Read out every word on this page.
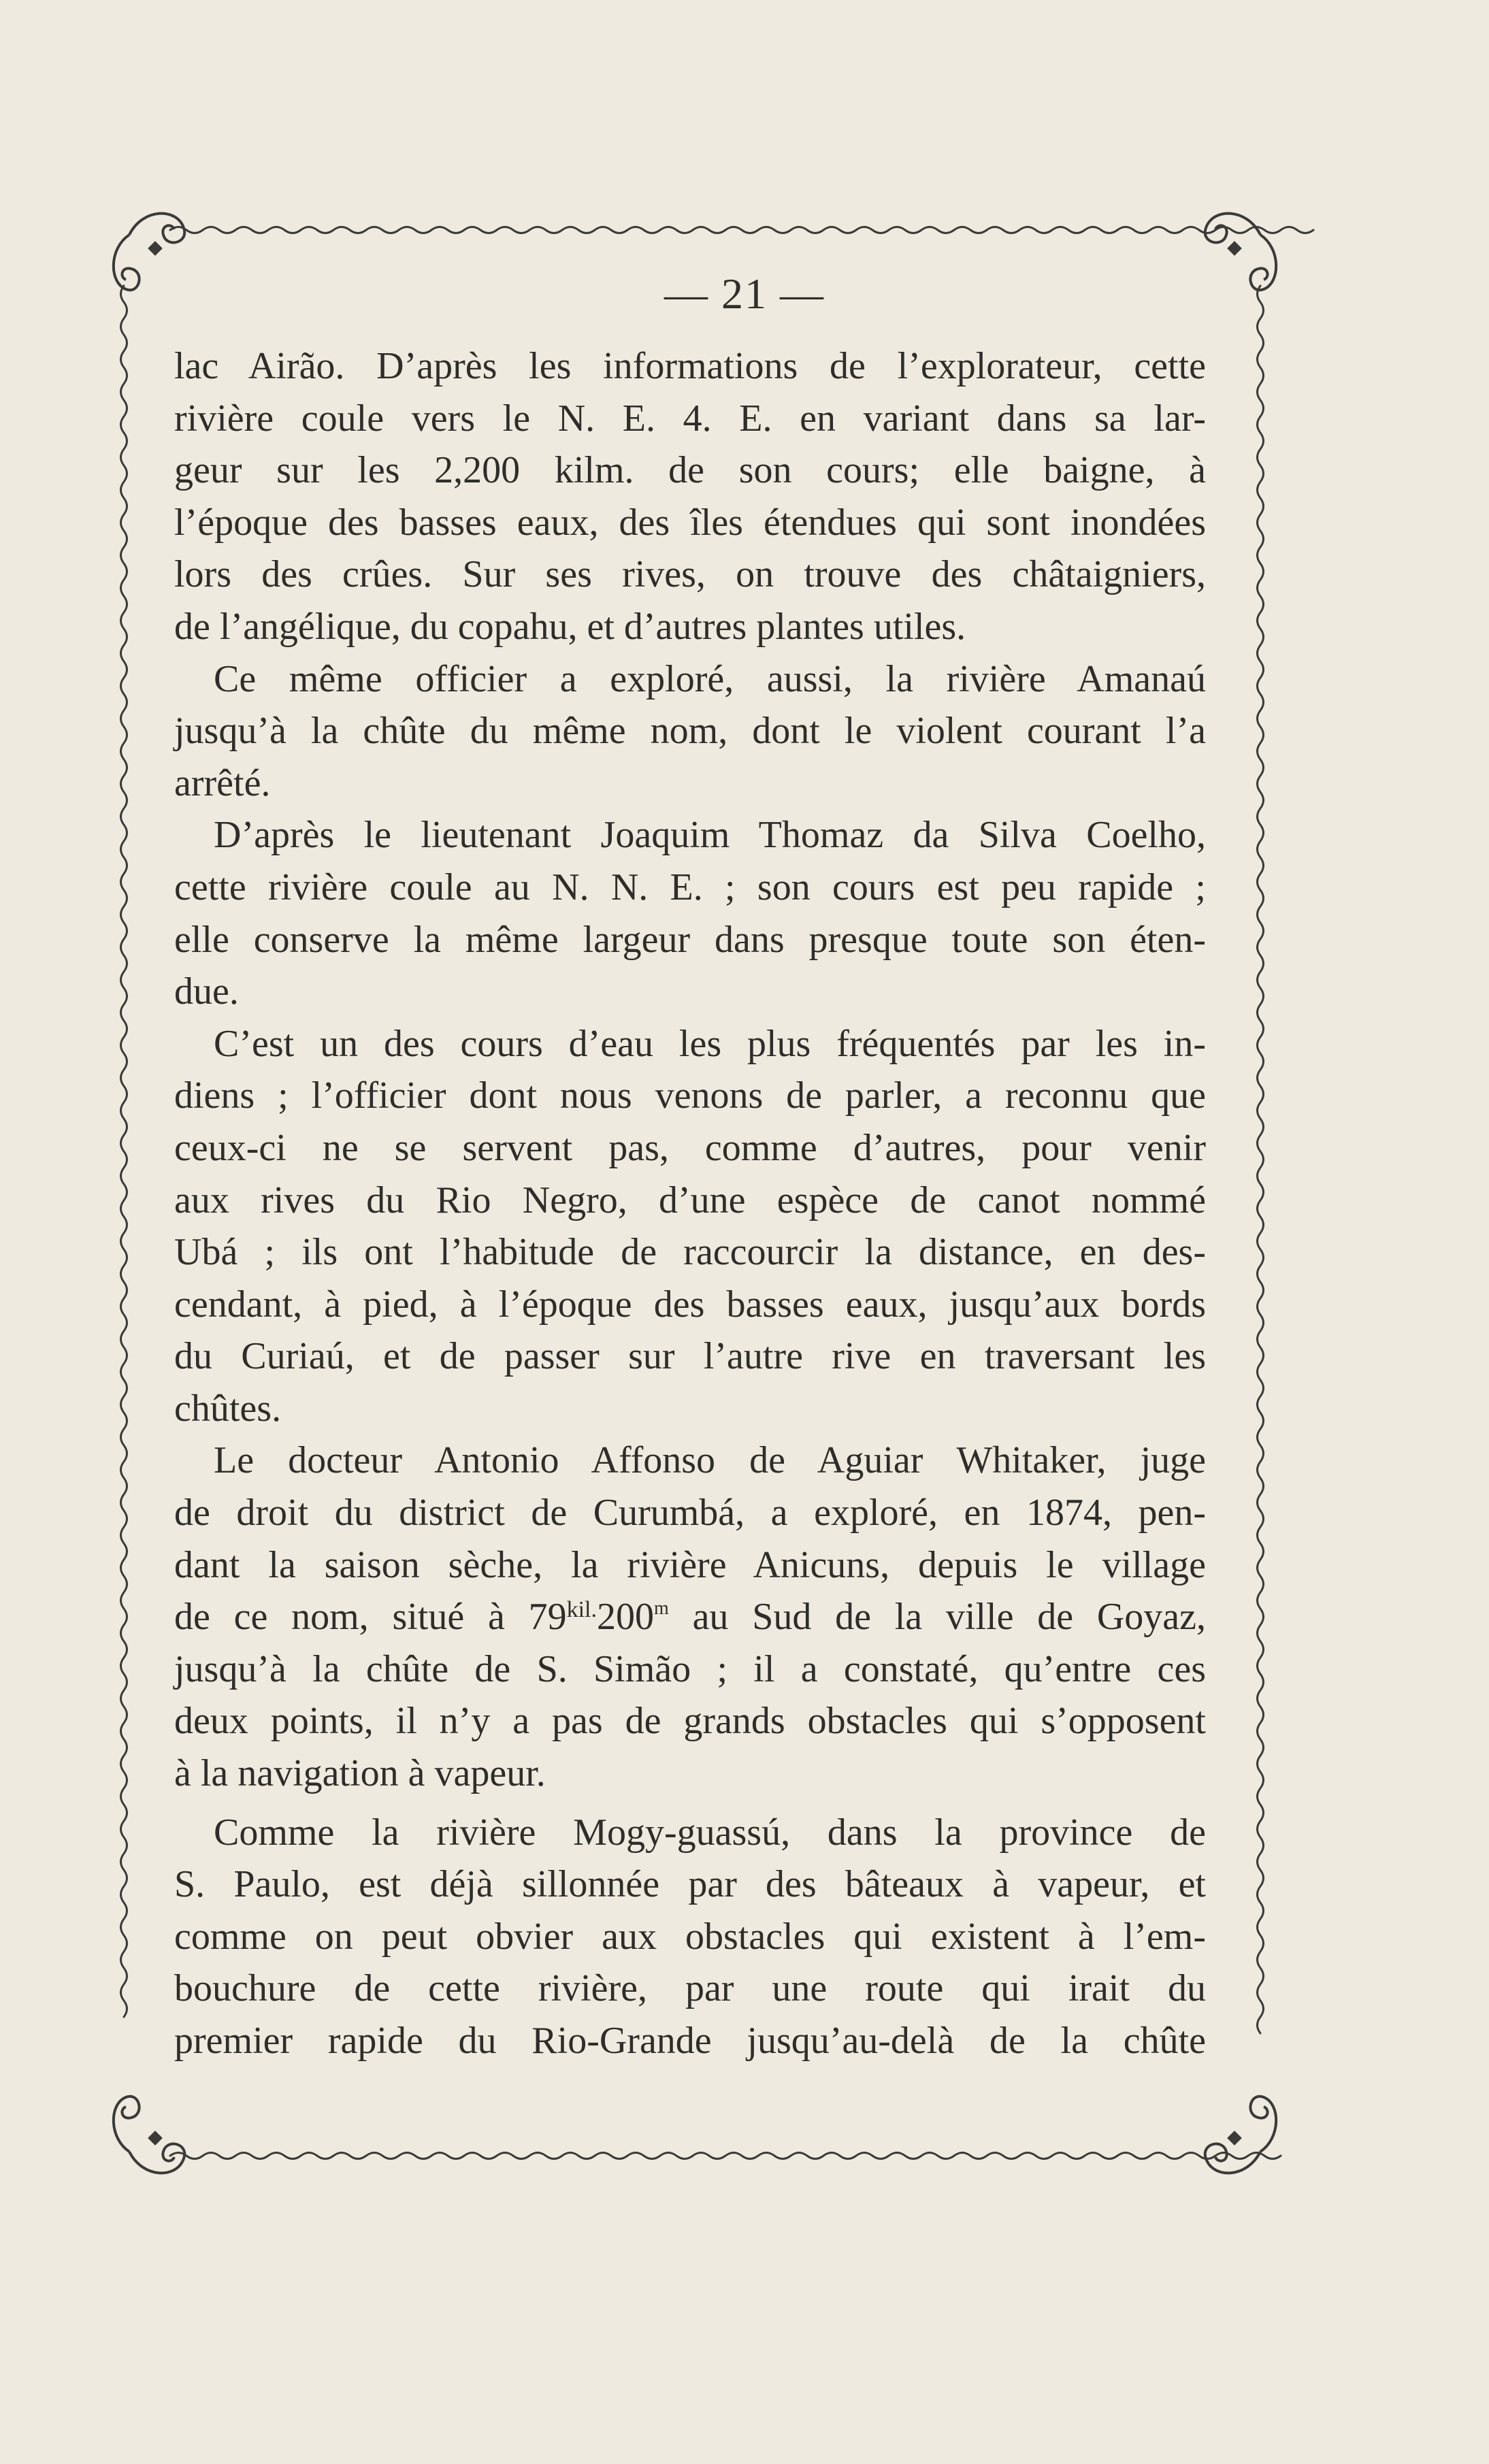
— 21 —
lac Airão. D’après les informations de l’explorateur, cette
rivière coule vers le N. E. 4. E. en variant dans sa lar-
geur sur les 2,200 kilm. de son cours; elle baigne, à
l’époque des basses eaux, des îles étendues qui sont inondées
lors des crûes. Sur ses rives, on trouve des châtaigniers,
de l’angélique, du copahu, et d’autres plantes utiles.
Ce même officier a exploré, aussi, la rivière Amanaú
jusqu’à la chûte du même nom, dont le violent courant l’a
arrêté.
D’après le lieutenant Joaquim Thomaz da Silva Coelho,
cette rivière coule au N. N. E. ; son cours est peu rapide ;
elle conserve la même largeur dans presque toute son éten-
due.
C’est un des cours d’eau les plus fréquentés par les in-
diens ; l’officier dont nous venons de parler, a reconnu que
ceux-ci ne se servent pas, comme d’autres, pour venir
aux rives du Rio Negro, d’une espèce de canot nommé
Ubá ; ils ont l’habitude de raccourcir la distance, en des-
cendant, à pied, à l’époque des basses eaux, jusqu’aux bords
du Curiaú, et de passer sur l’autre rive en traversant les
chûtes.
Le docteur Antonio Affonso de Aguiar Whitaker, juge
de droit du district de Curumbá, a exploré, en 1874, pen-
dant la saison sèche, la rivière Anicuns, depuis le village
de ce nom, situé à $79^{kil.}200^m$ au Sud de la ville de Goyaz,
jusqu’à la chûte de S. Simão ; il a constaté, qu’entre ces
deux points, il n’y a pas de grands obstacles qui s’opposent
à la navigation à vapeur.
Comme la rivière Mogy-guassú, dans la province de
S. Paulo, est déjà sillonnée par des bâteaux à vapeur, et
comme on peut obvier aux obstacles qui existent à l’em-
bouchure de cette rivière, par une route qui irait du
premier rapide du Rio-Grande jusqu’au-delà de la chûte
